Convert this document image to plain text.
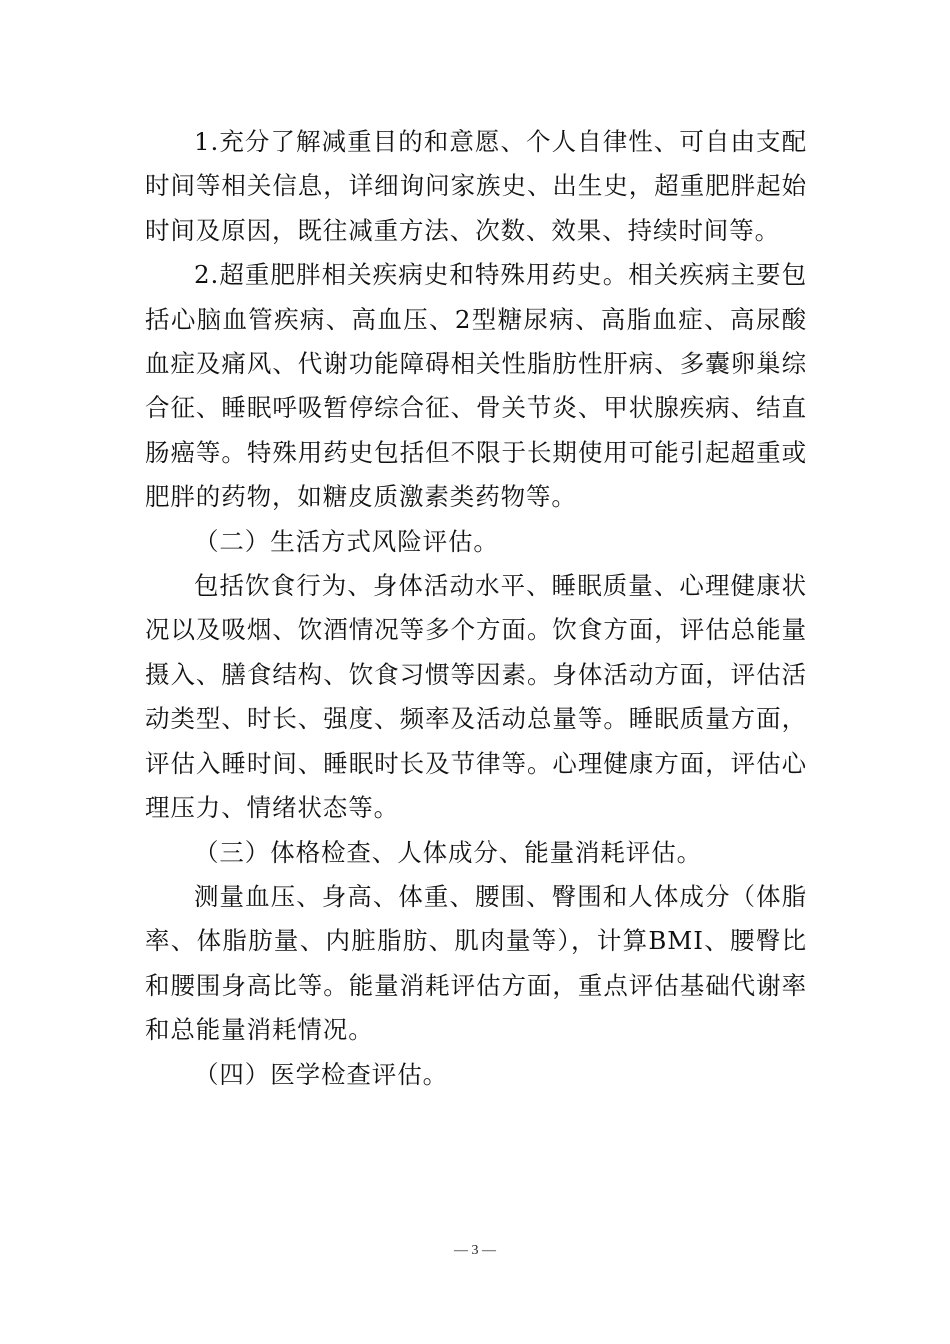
1.充分了解减重目的和意愿、个人自律性、可自由支配时间等相关信息，详细询问家族史、出生史，超重肥胖起始时间及原因，既往减重方法、次数、效果、持续时间等。

2.超重肥胖相关疾病史和特殊用药史。相关疾病主要包括心脑血管疾病、高血压、2型糖尿病、高脂血症、高尿酸血症及痛风、代谢功能障碍相关性脂肪性肝病、多囊卵巢综合征、睡眠呼吸暂停综合征、骨关节炎、甲状腺疾病、结直肠癌等。特殊用药史包括但不限于长期使用可能引起超重或肥胖的药物，如糖皮质激素类药物等。

（二）生活方式风险评估。

包括饮食行为、身体活动水平、睡眠质量、心理健康状况以及吸烟、饮酒情况等多个方面。饮食方面，评估总能量摄入、膳食结构、饮食习惯等因素。身体活动方面，评估活动类型、时长、强度、频率及活动总量等。睡眠质量方面，评估入睡时间、睡眠时长及节律等。心理健康方面，评估心理压力、情绪状态等。

（三）体格检查、人体成分、能量消耗评估。

测量血压、身高、体重、腰围、臀围和人体成分（体脂率、体脂肪量、内脏脂肪、肌肉量等），计算BMI、腰臀比和腰围身高比等。能量消耗评估方面，重点评估基础代谢率和总能量消耗情况。

（四）医学检查评估。

— 3 —
